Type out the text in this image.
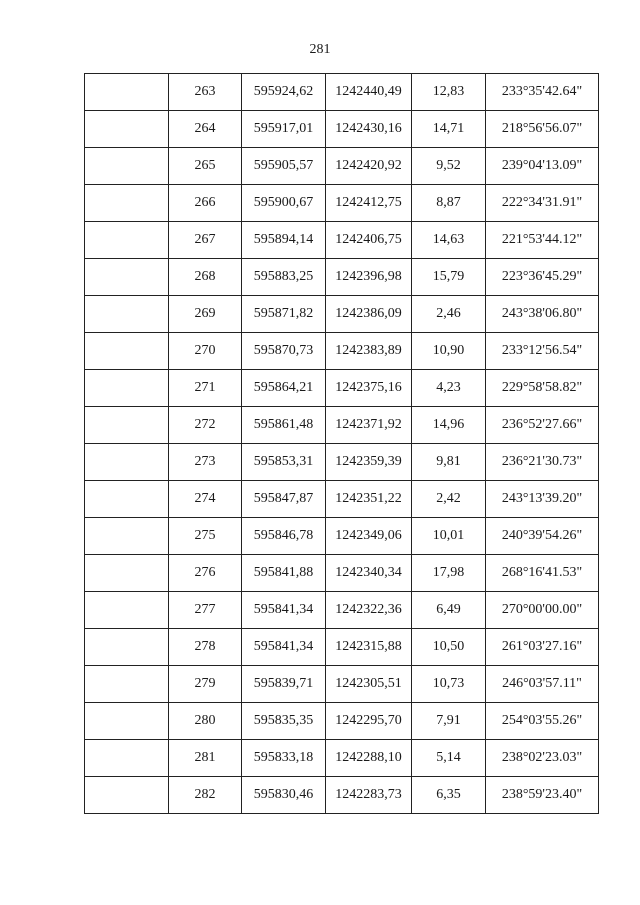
281

	263	595924,62	1242440,49	12,83	233°35'42.64"

	264	595917,01	1242430,16	14,71	218°56'56.07"

	265	595905,57	1242420,92	9,52	239°04'13.09"

	266	595900,67	1242412,75	8,87	222°34'31.91"

	267	595894,14	1242406,75	14,63	221°53'44.12"

	268	595883,25	1242396,98	15,79	223°36'45.29"

	269	595871,82	1242386,09	2,46	243°38'06.80"

	270	595870,73	1242383,89	10,90	233°12'56.54"

	271	595864,21	1242375,16	4,23	229°58'58.82"

	272	595861,48	1242371,92	14,96	236°52'27.66"

	273	595853,31	1242359,39	9,81	236°21'30.73"

	274	595847,87	1242351,22	2,42	243°13'39.20"

	275	595846,78	1242349,06	10,01	240°39'54.26"

	276	595841,88	1242340,34	17,98	268°16'41.53"

	277	595841,34	1242322,36	6,49	270°00'00.00"

	278	595841,34	1242315,88	10,50	261°03'27.16"

	279	595839,71	1242305,51	10,73	246°03'57.11"

	280	595835,35	1242295,70	7,91	254°03'55.26"

	281	595833,18	1242288,10	5,14	238°02'23.03"

	282	595830,46	1242283,73	6,35	238°59'23.40"
